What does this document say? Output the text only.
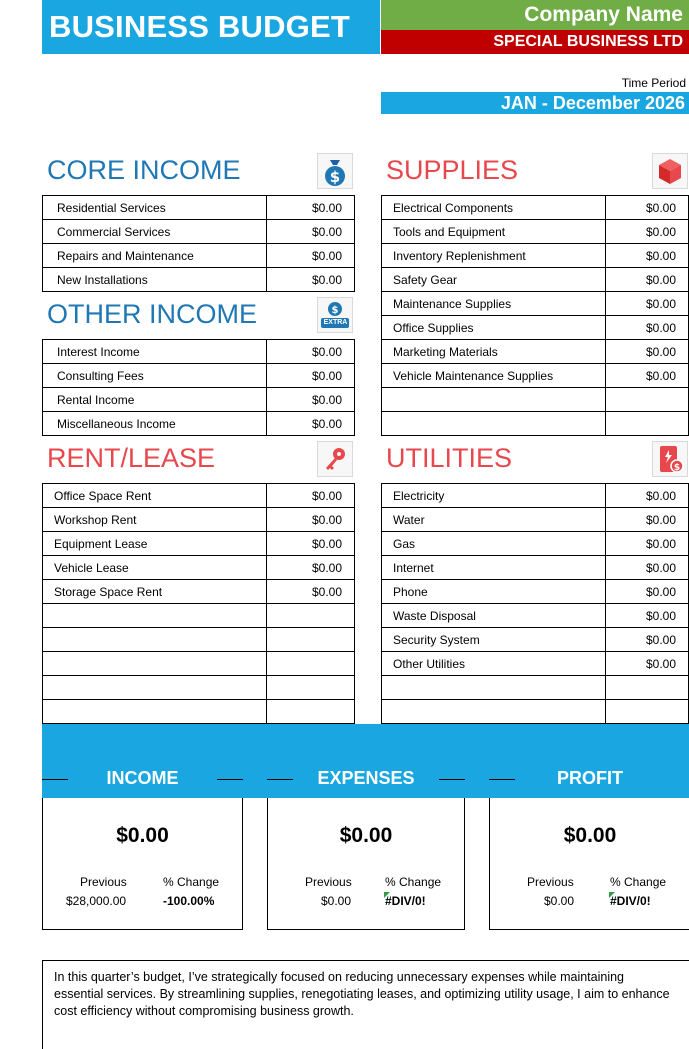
BUSINESS BUDGET	Company Name
SPECIAL BUSINESS LTD
Time Period
JAN - December 2026
CORE INCOME	$
Residential Services	$0.00
Commercial Services	$0.00
Repairs and Maintenance	$0.00
New Installations	$0.00
OTHER INCOME	$
EXTRA
Interest Income	$0.00
Consulting Fees	$0.00
Rental Income	$0.00
Miscellaneous Income	$0.00
RENT/LEASE
Office Space Rent	$0.00
Workshop Rent	$0.00
Equipment Lease	$0.00
Vehicle Lease	$0.00
Storage Space Rent	$0.00

SUPPLIES
Electrical Components	$0.00
Tools and Equipment	$0.00
Inventory Replenishment	$0.00
Safety Gear	$0.00
Maintenance Supplies	$0.00
Office Supplies	$0.00
Marketing Materials	$0.00
Vehicle Maintenance Supplies	$0.00

UTILITIES	$
Electricity	$0.00
Water	$0.00
Gas	$0.00
Internet	$0.00
Phone	$0.00
Waste Disposal	$0.00
Security System	$0.00
Other Utilities	$0.00

INCOME
$0.00
Previous	% Change
$28,000.00	-100.00%
EXPENSES
$0.00
Previous	% Change
$0.00	#DIV/0!
PROFIT
$0.00
Previous	% Change
$0.00	#DIV/0!

In this quarter’s budget, I’ve strategically focused on reducing unnecessary expenses while maintaining essential services. By streamlining supplies, renegotiating leases, and optimizing utility usage, I aim to enhance cost efficiency without compromising business growth.
